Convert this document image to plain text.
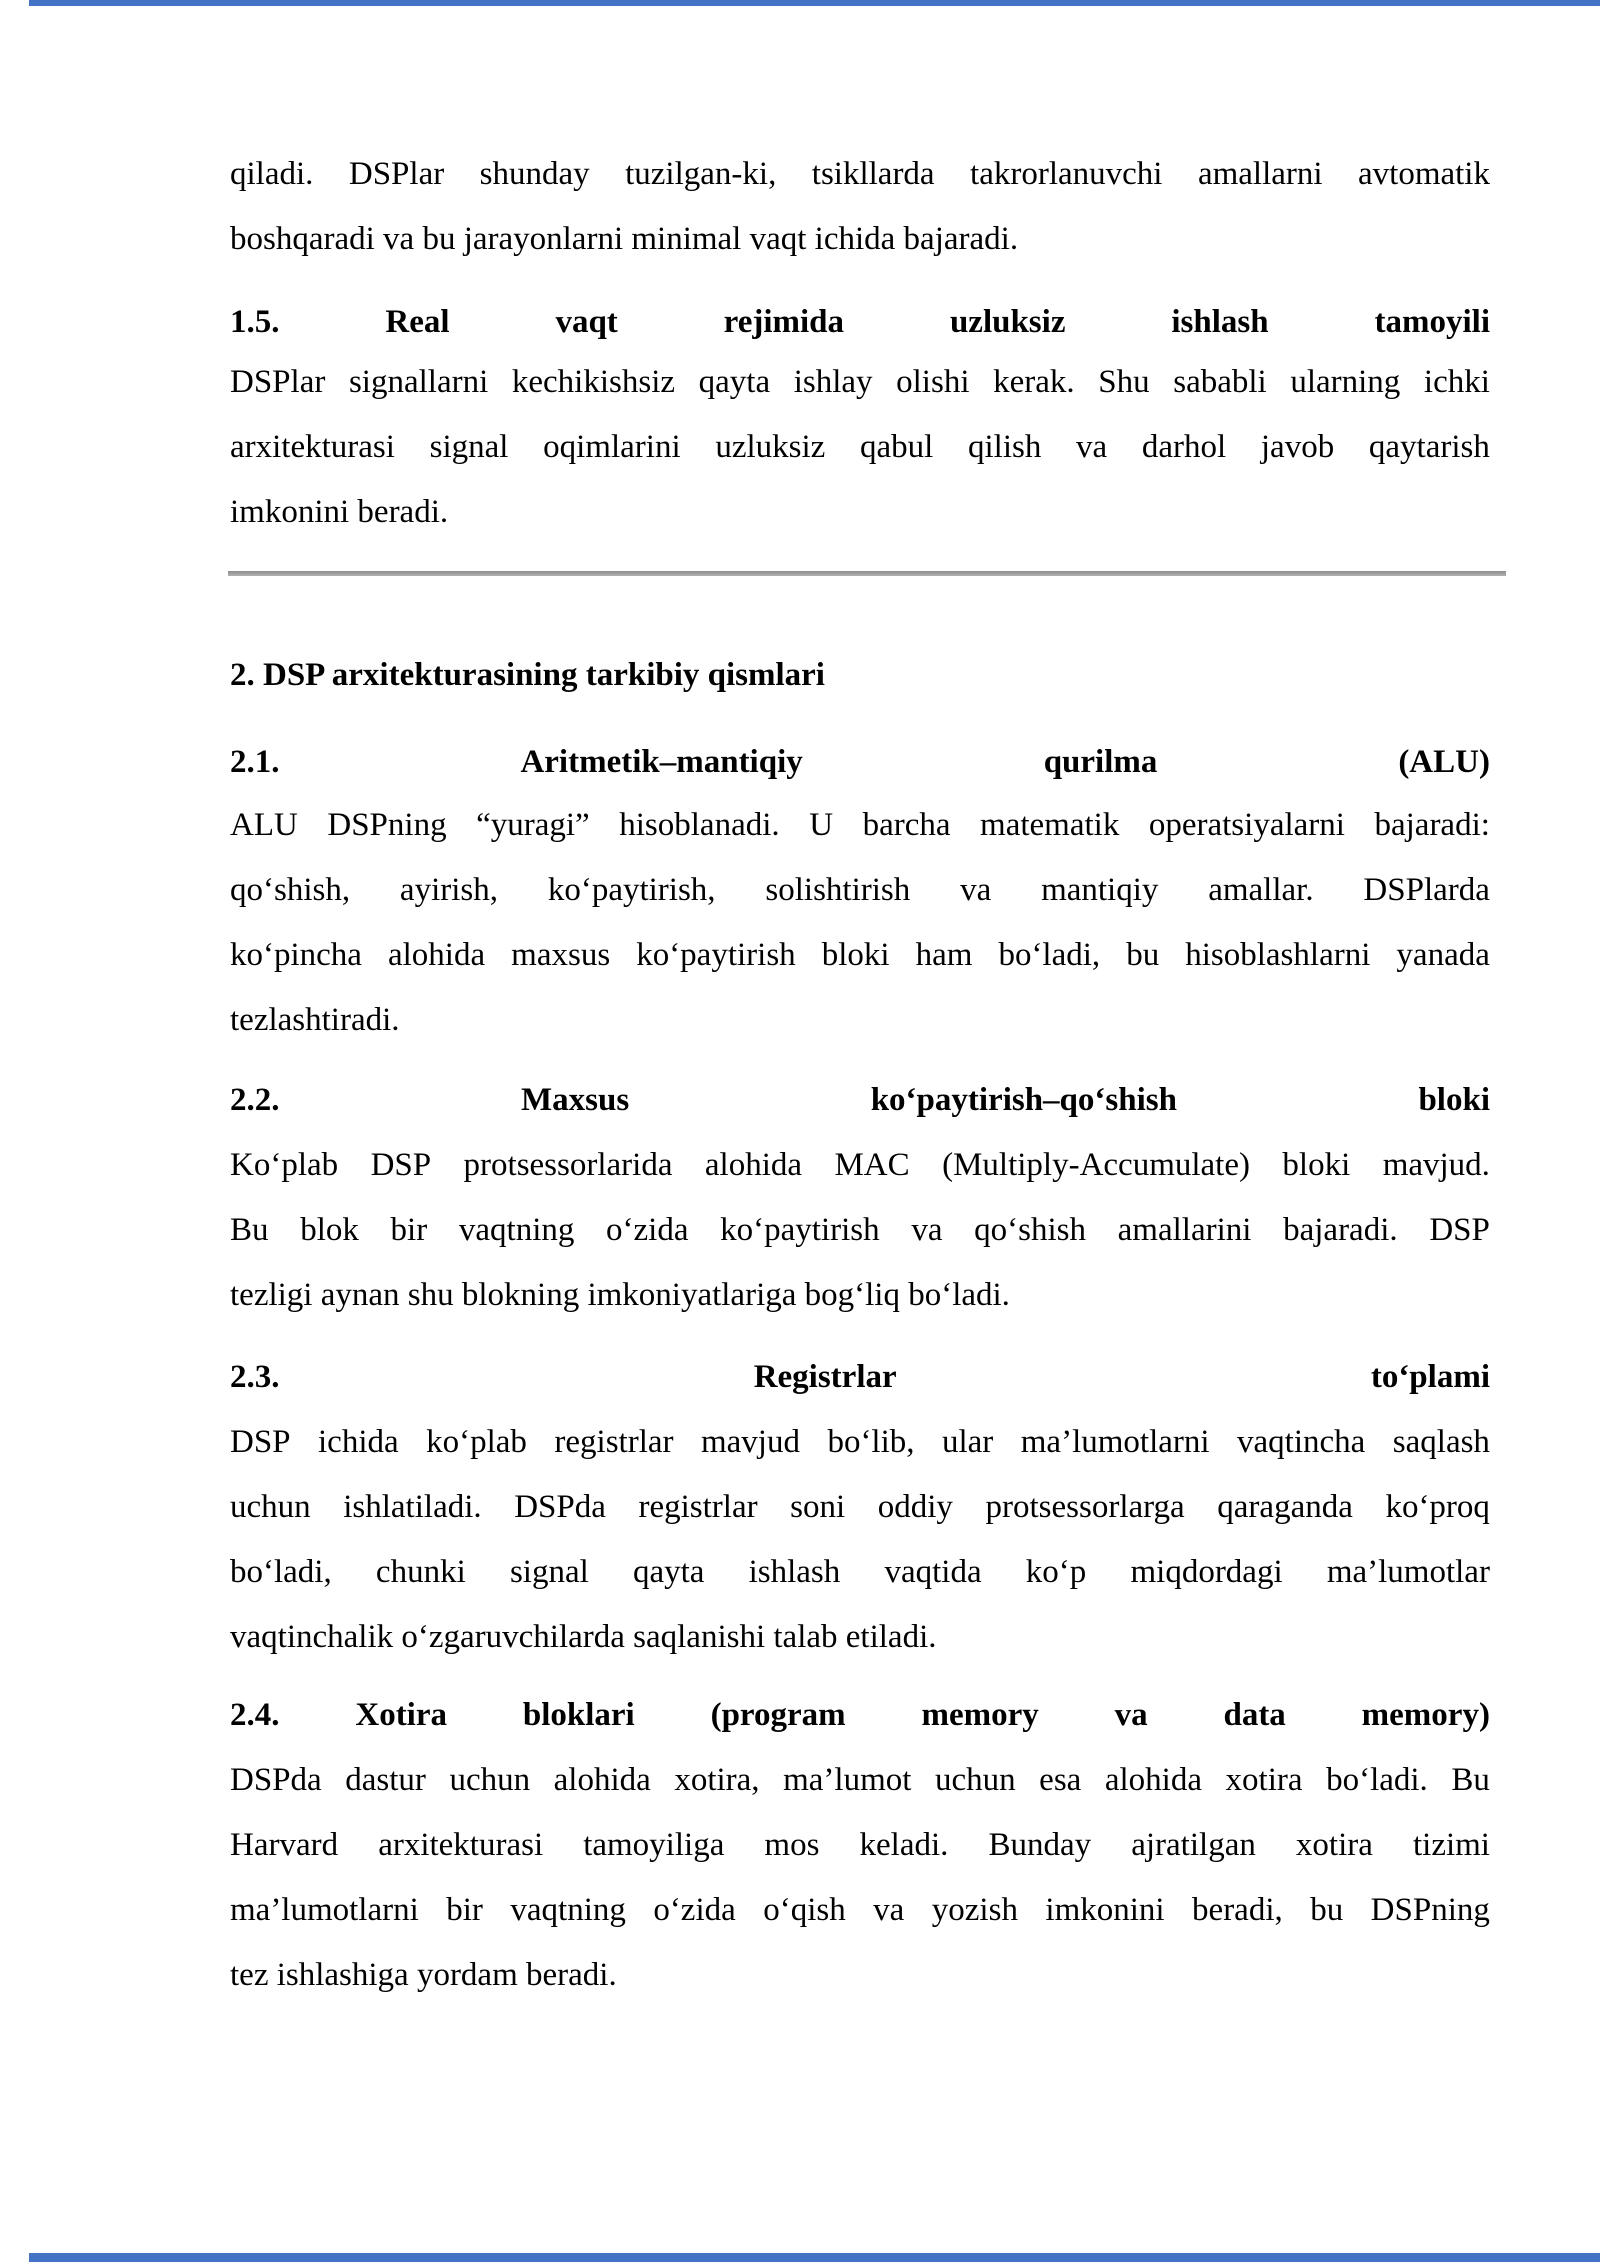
qiladi. DSPlar shunday tuzilgan-ki, tsikllarda takrorlanuvchi amallarni avtomatik
boshqaradi va bu jarayonlarni minimal vaqt ichida bajaradi.
1.5.	Real	vaqt	rejimida	uzluksiz	ishlash	tamoyili
DSPlar signallarni kechikishsiz qayta ishlay olishi kerak. Shu sababli ularning ichki
arxitekturasi signal oqimlarini uzluksiz qabul qilish va darhol javob qaytarish
imkonini beradi.
2. DSP arxitekturasining tarkibiy qismlari
2.1.	Aritmetik–mantiqiy	qurilma	(ALU)
ALU DSPning “yuragi” hisoblanadi. U barcha matematik operatsiyalarni bajaradi:
qo‘shish, ayirish, ko‘paytirish, solishtirish va mantiqiy amallar. DSPlarda
ko‘pincha alohida maxsus ko‘paytirish bloki ham bo‘ladi, bu hisoblashlarni yanada
tezlashtiradi.
2.2.	Maxsus	ko‘paytirish–qo‘shish	bloki
Ko‘plab DSP protsessorlarida alohida MAC (Multiply-Accumulate) bloki mavjud.
Bu blok bir vaqtning o‘zida ko‘paytirish va qo‘shish amallarini bajaradi. DSP
tezligi aynan shu blokning imkoniyatlariga bog‘liq bo‘ladi.
2.3.	Registrlar	to‘plami
DSP ichida ko‘plab registrlar mavjud bo‘lib, ular ma’lumotlarni vaqtincha saqlash
uchun ishlatiladi. DSPda registrlar soni oddiy protsessorlarga qaraganda ko‘proq
bo‘ladi, chunki signal qayta ishlash vaqtida ko‘p miqdordagi ma’lumotlar
vaqtinchalik o‘zgaruvchilarda saqlanishi talab etiladi.
2.4. Xotira bloklari (program memory va data memory)
DSPda dastur uchun alohida xotira, ma’lumot uchun esa alohida xotira bo‘ladi. Bu
Harvard arxitekturasi tamoyiliga mos keladi. Bunday ajratilgan xotira tizimi
ma’lumotlarni bir vaqtning o‘zida o‘qish va yozish imkonini beradi, bu DSPning
tez ishlashiga yordam beradi.
